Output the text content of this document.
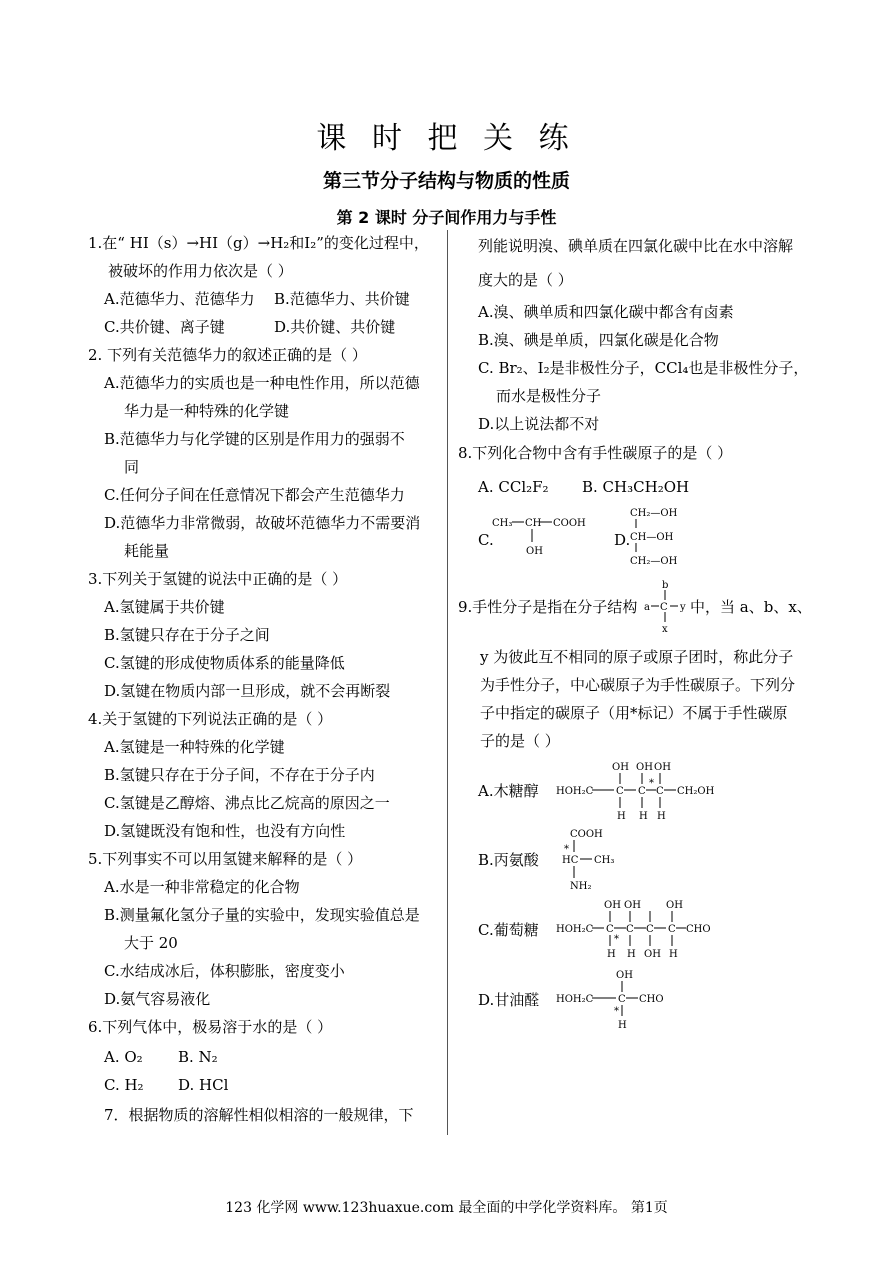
课 时 把 关 练
第三节分子结构与物质的性质
第 2 课时 分子间作用力与手性
1.在“ HI（s）→HI（g）→H₂和I₂”的变化过程中，
被破坏的作用力依次是（ ）
A.范德华力、范德华力 B.范德华力、共价键
C.共价键、离子键	D.共价键、共价键
2. 下列有关范德华力的叙述正确的是（ ）
A.范德华力的实质也是一种电性作用，所以范德
华力是一种特殊的化学键
B.范德华力与化学键的区别是作用力的强弱不
同
C.任何分子间在任意情况下都会产生范德华力
D.范德华力非常微弱，故破坏范德华力不需要消
耗能量
3.下列关于氢键的说法中正确的是（ ）
A.氢键属于共价键
B.氢键只存在于分子之间
C.氢键的形成使物质体系的能量降低
D.氢键在物质内部一旦形成，就不会再断裂
4.关于氢键的下列说法正确的是（ ）
A.氢键是一种特殊的化学键
B.氢键只存在于分子间，不存在于分子内
C.氢键是乙醇熔、沸点比乙烷高的原因之一
D.氢键既没有饱和性，也没有方向性
5.下列事实不可以用氢键来解释的是（ ）
A.水是一种非常稳定的化合物
B.测量氟化氢分子量的实验中，发现实验值总是
大于 20
C.水结成冰后，体积膨胀，密度变小
D.氨气容易液化
6.下列气体中，极易溶于水的是（ ）
A. O₂ B. N₂
C. H₂ D. HCl
7．根据物质的溶解性相似相溶的一般规律，下
列能说明溴、碘单质在四氯化碳中比在水中溶解
度大的是（ ）
A.溴、碘单质和四氯化碳中都含有卤素
B.溴、碘是单质，四氯化碳是化合物
C. Br₂、I₂是非极性分子，CCl₄也是非极性分子，
而水是极性分子
D.以上说法都不对
8.下列化合物中含有手性碳原子的是（ ）
A. CCl₂F₂ B. CH₃CH₂OH
C.
CH₃ CH COOH
OH
D.
CH₂—OH
CH—OH
CH₂—OH
9.手性分子是指在分子结构
b
a C y
x
中，当 a、b、x、
y 为彼此互不相同的原子或原子团时，称此分子
为手性分子，中心碳原子为手性碳原子。下列分
子中指定的碳原子（用*标记）不属于手性碳原
子的是（ ）
A.木糖醇
OH OH OH
*
HOH₂C C C C CH₂OH
H H H
B.丙氨酸
COOH
*
HC CH₃
NH₂
C.葡萄糖
OH OH	OH
HOH₂C C C C C CHO
*
H H OH H
D.甘油醛
OH
HOH₂C C CHO
*
H
123 化学网 www.123huaxue.com 最全面的中学化学资料库。 第1页
